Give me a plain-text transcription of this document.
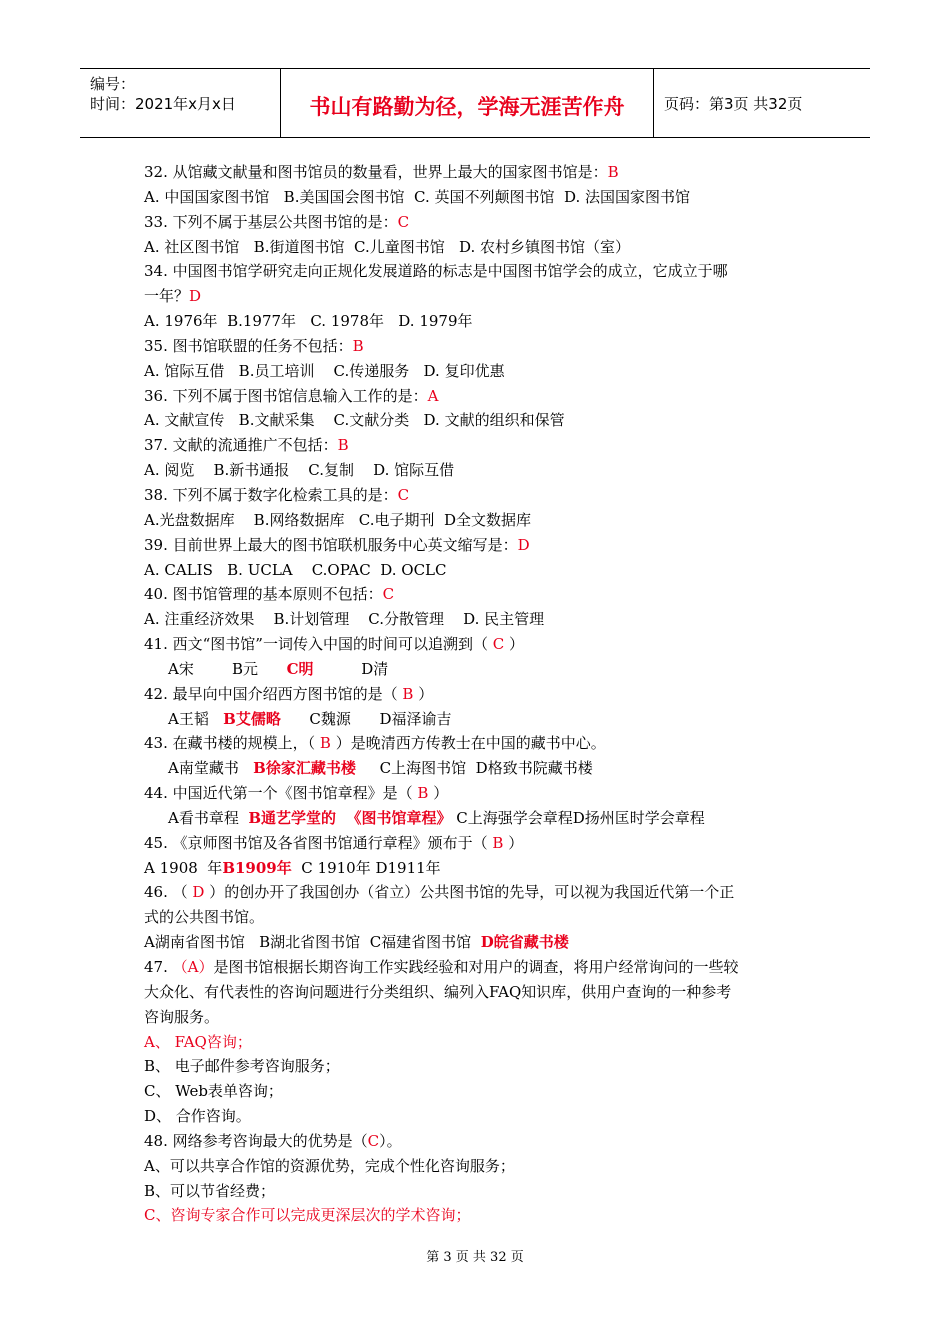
编号：
时间：2021年x月x日	书山有路勤为径，学海无涯苦作舟	页码：第3页 共32页
32. 从馆藏文献量和图书馆员的数量看，世界上最大的国家图书馆是：B
A. 中国国家图书馆   B.美国国会图书馆  C. 英国不列颠图书馆  D. 法国国家图书馆
33. 下列不属于基层公共图书馆的是：C
A. 社区图书馆   B.街道图书馆  C.儿童图书馆   D. 农村乡镇图书馆（室）
34. 中国图书馆学研究走向正规化发展道路的标志是中国图书馆学会的成立，它成立于哪
一年？D
A. 1976年  B.1977年   C. 1978年   D. 1979年
35. 图书馆联盟的任务不包括：B
A. 馆际互借   B.员工培训    C.传递服务   D. 复印优惠
36. 下列不属于图书馆信息输入工作的是：A
A. 文献宣传   B.文献采集    C.文献分类   D. 文献的组织和保管
37. 文献的流通推广不包括：B
A. 阅览    B.新书通报    C.复制    D. 馆际互借
38. 下列不属于数字化检索工具的是：C
A.光盘数据库    B.网络数据库   C.电子期刊  D全文数据库
39. 目前世界上最大的图书馆联机服务中心英文缩写是：D
A. CALIS   B. UCLA    C.OPAC  D. OCLC
40. 图书馆管理的基本原则不包括：C
A. 注重经济效果    B.计划管理    C.分散管理    D. 民主管理
41. 西文“图书馆”一词传入中国的时间可以追溯到（ C ）
A宋        B元      C明          D清
42. 最早向中国介绍西方图书馆的是（ B ）
A王韬   B艾儒略      C魏源      D福泽谕吉
43. 在藏书楼的规模上，（ B ）是晚清西方传教士在中国的藏书中心。
A南堂藏书   B徐家汇藏书楼     C上海图书馆  D格致书院藏书楼
44. 中国近代第一个《图书馆章程》是（ B ）
A看书章程  B通艺学堂的  《图书馆章程》 C上海强学会章程D扬州匡时学会章程
45. 《京师图书馆及各省图书馆通行章程》颁布于（ B ）
A 1908  年B1909年  C 1910年 D1911年
46. （ D ）的创办开了我国创办（省立）公共图书馆的先导，可以视为我国近代第一个正
式的公共图书馆。
A湖南省图书馆   B湖北省图书馆  C福建省图书馆  D皖省藏书楼
47. （A）是图书馆根据长期咨询工作实践经验和对用户的调查，将用户经常询问的一些较
大众化、有代表性的咨询问题进行分类组织、编列入FAQ知识库，供用户查询的一种参考
咨询服务。
A、 FAQ咨询；
B、 电子邮件参考咨询服务；
C、 Web表单咨询；
D、 合作咨询。
48. 网络参考咨询最大的优势是（C）。
A、可以共享合作馆的资源优势，完成个性化咨询服务；
B、可以节省经费；
C、咨询专家合作可以完成更深层次的学术咨询；
第 3 页 共 32 页
